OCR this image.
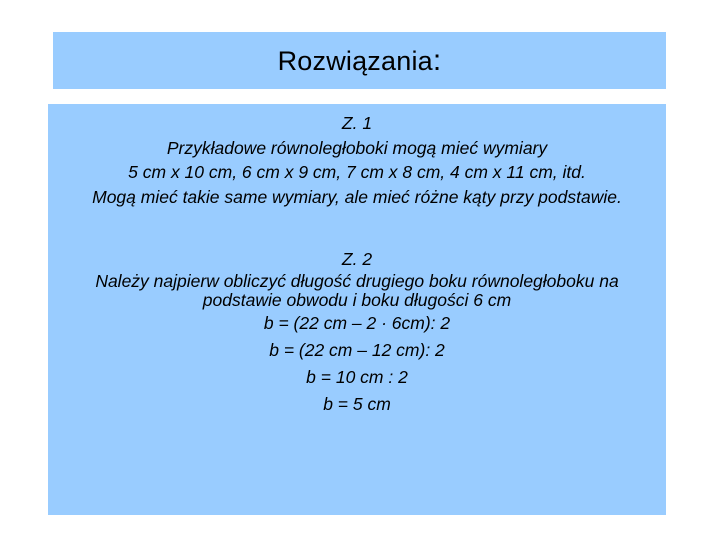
Rozwiązania:
Z. 1
Przykładowe równoległoboki mogą mieć wymiary
5 cm x 10 cm, 6 cm x 9 cm, 7 cm x 8 cm, 4 cm x 11 cm, itd.
Mogą mieć takie same wymiary, ale mieć różne kąty przy podstawie.
Z. 2
Należy najpierw obliczyć długość drugiego boku równoległoboku na
podstawie obwodu i boku długości 6 cm
b = (22 cm – 2 · 6cm): 2
b = (22 cm – 12 cm): 2
b = 10 cm : 2
b = 5 cm
